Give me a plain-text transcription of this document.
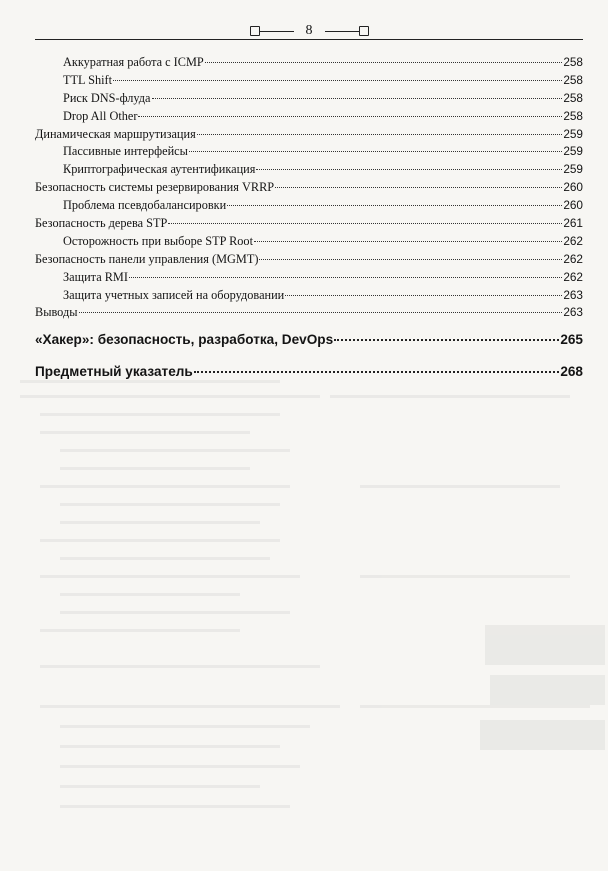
8
Аккуратная работа с ICMP	258
TTL Shift	258
Риск DNS-флуда	258
Drop All Other	258
Динамическая маршрутизация	259
Пассивные интерфейсы	259
Криптографическая аутентификация	259
Безопасность системы резервирования VRRP	260
Проблема псевдобалансировки	260
Безопасность дерева STP	261
Осторожность при выборе STP Root	262
Безопасность панели управления (MGMT)	262
Защита RMI	262
Защита учетных записей на оборудовании	263
Выводы	263
«Хакер»: безопасность, разработка, DevOps	265
Предметный указатель	268
